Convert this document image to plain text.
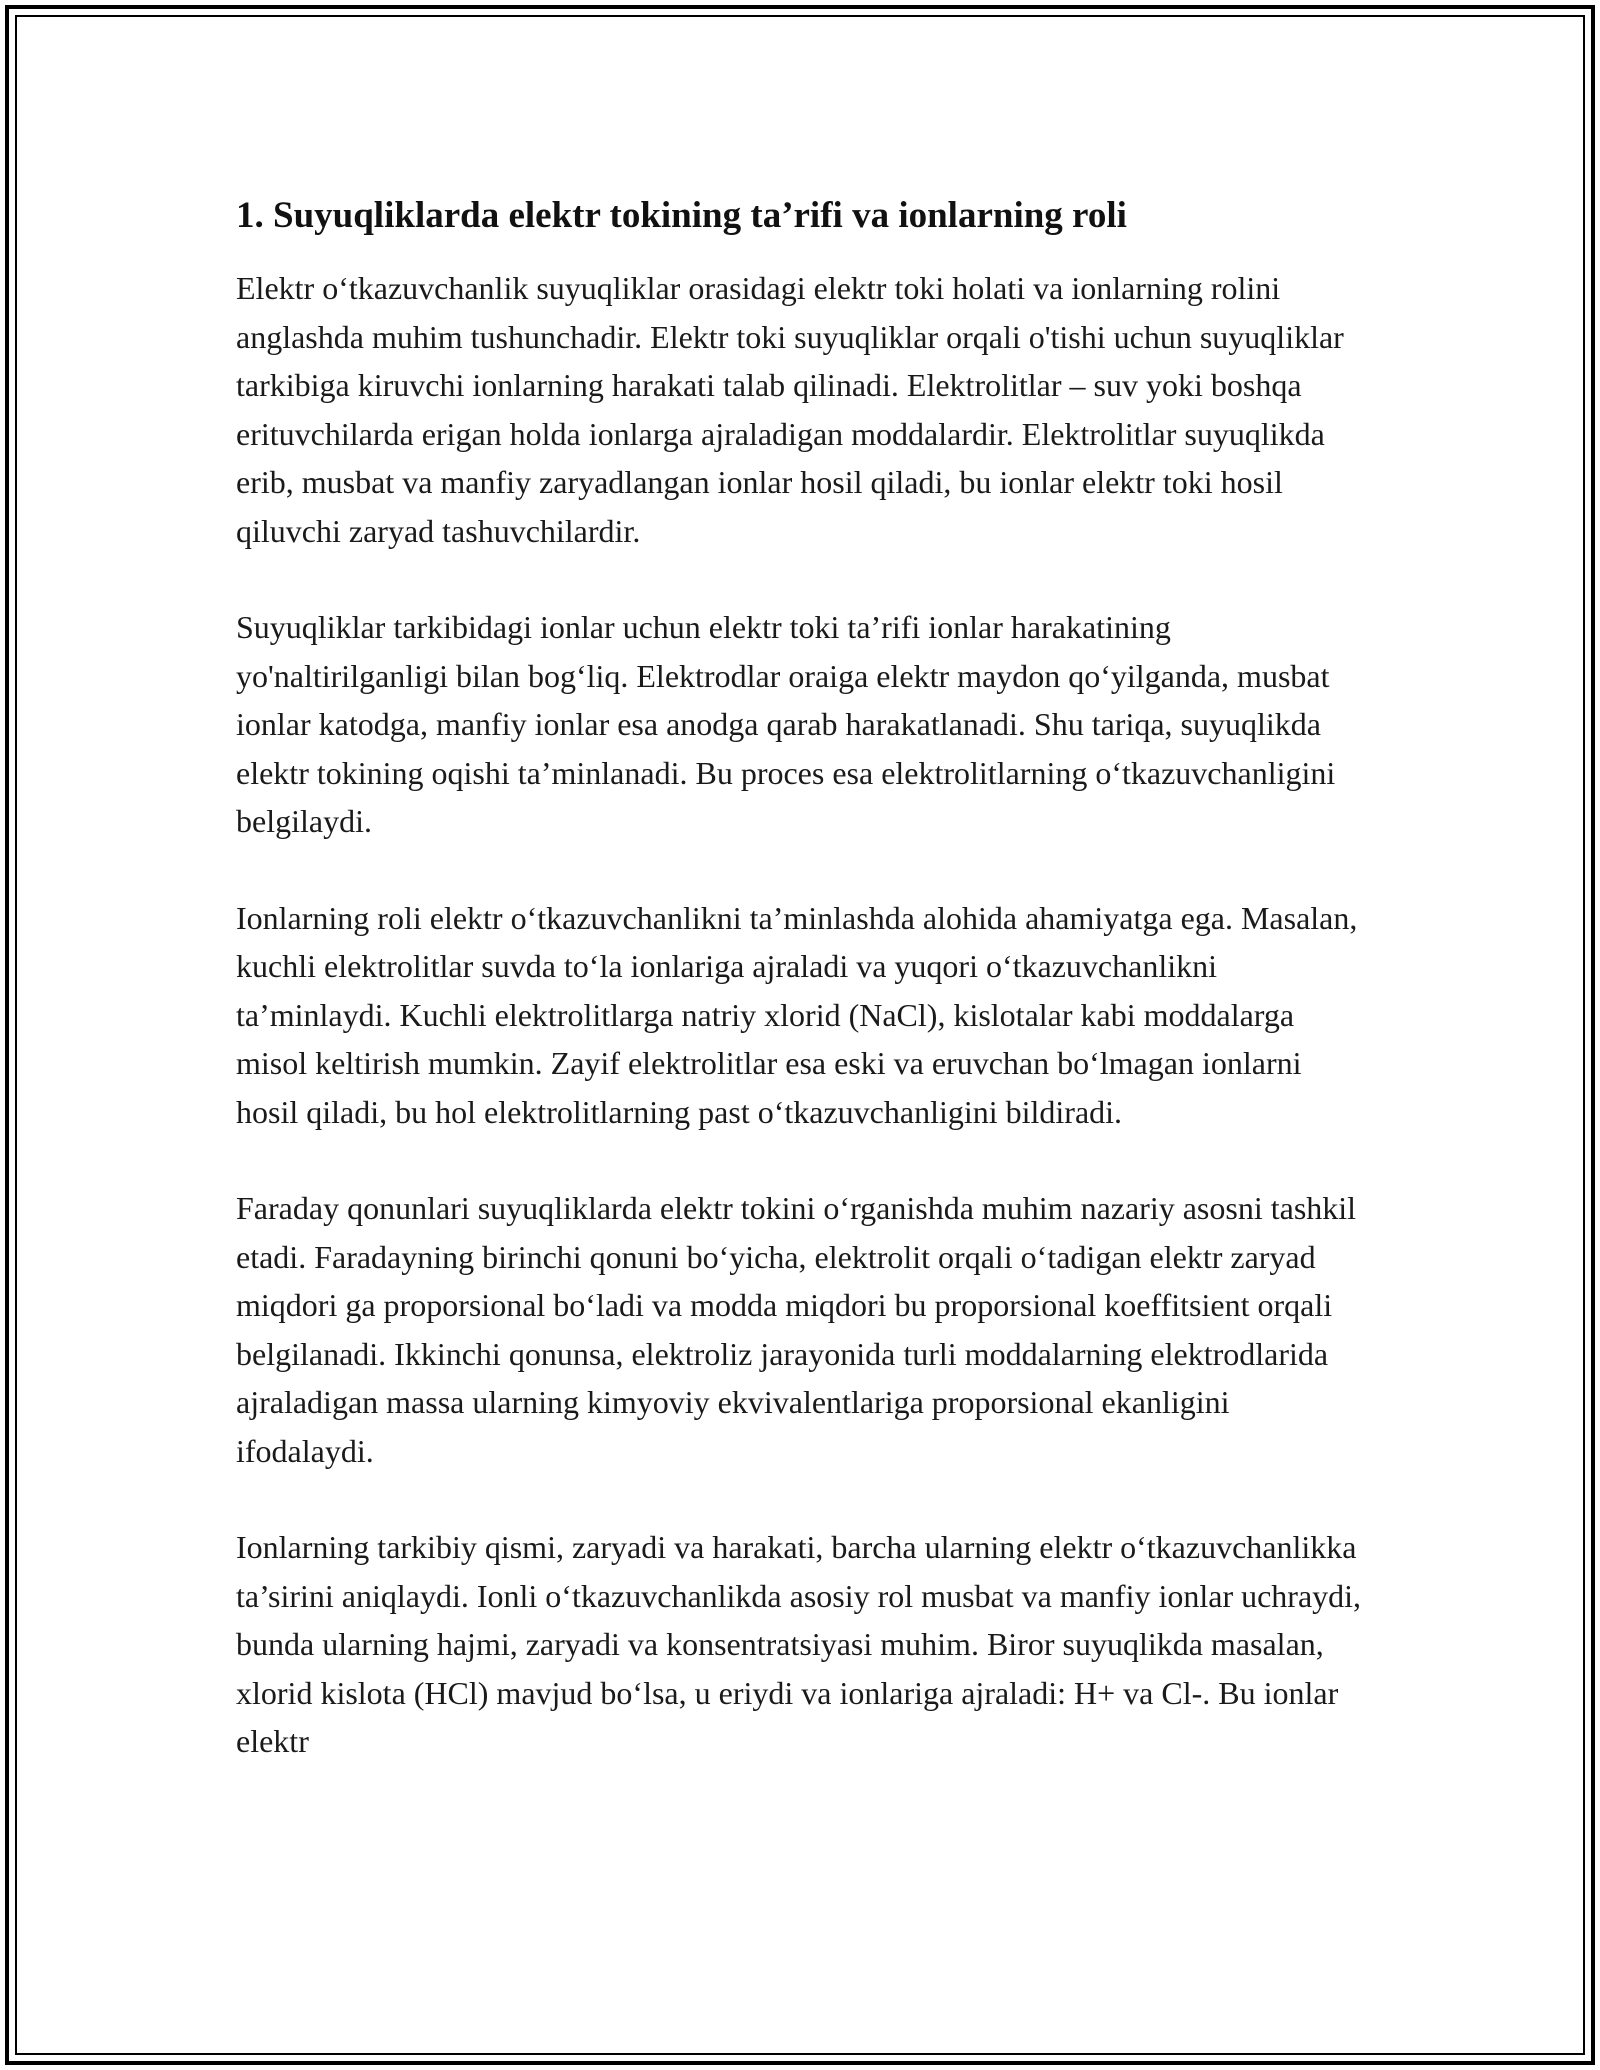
1. Suyuqliklarda elektr tokining ta’rifi va ionlarning roli

Elektr o‘tkazuvchanlik suyuqliklar orasidagi elektr toki holati va ionlarning rolini anglashda muhim tushunchadir. Elektr toki suyuqliklar orqali o'tishi uchun suyuqliklar tarkibiga kiruvchi ionlarning harakati talab qilinadi. Elektrolitlar – suv yoki boshqa erituvchilarda erigan holda ionlarga ajraladigan moddalardir. Elektrolitlar suyuqlikda erib, musbat va manfiy zaryadlangan ionlar hosil qiladi, bu ionlar elektr toki hosil qiluvchi zaryad tashuvchilardir.

Suyuqliklar tarkibidagi ionlar uchun elektr toki ta’rifi ionlar harakatining yo'naltirilganligi bilan bog‘liq. Elektrodlar oraiga elektr maydon qo‘yilganda, musbat ionlar katodga, manfiy ionlar esa anodga qarab harakatlanadi. Shu tariqa, suyuqlikda elektr tokining oqishi ta’minlanadi. Bu proces esa elektrolitlarning o‘tkazuvchanligini belgilaydi.

Ionlarning roli elektr o‘tkazuvchanlikni ta’minlashda alohida ahamiyatga ega. Masalan, kuchli elektrolitlar suvda to‘la ionlariga ajraladi va yuqori o‘tkazuvchanlikni ta’minlaydi. Kuchli elektrolitlarga natriy xlorid (NaCl), kislotalar kabi moddalarga misol keltirish mumkin. Zayif elektrolitlar esa eski va eruvchan bo‘lmagan ionlarni hosil qiladi, bu hol elektrolitlarning past o‘tkazuvchanligini bildiradi.

Faraday qonunlari suyuqliklarda elektr tokini o‘rganishda muhim nazariy asosni tashkil etadi. Faradayning birinchi qonuni bo‘yicha, elektrolit orqali o‘tadigan elektr zaryad miqdori ga proporsional bo‘ladi va modda miqdori bu proporsional koeffitsient orqali belgilanadi. Ikkinchi qonunsa, elektroliz jarayonida turli moddalarning elektrodlarida ajraladigan massa ularning kimyoviy ekvivalentlariga proporsional ekanligini ifodalaydi.

Ionlarning tarkibiy qismi, zaryadi va harakati, barcha ularning elektr o‘tkazuvchanlikka ta’sirini aniqlaydi. Ionli o‘tkazuvchanlikda asosiy rol musbat va manfiy ionlar uchraydi, bunda ularning hajmi, zaryadi va konsentratsiyasi muhim. Biror suyuqlikda masalan, xlorid kislota (HCl) mavjud bo‘lsa, u eriydi va ionlariga ajraladi: H+ va Cl-. Bu ionlar elektr
